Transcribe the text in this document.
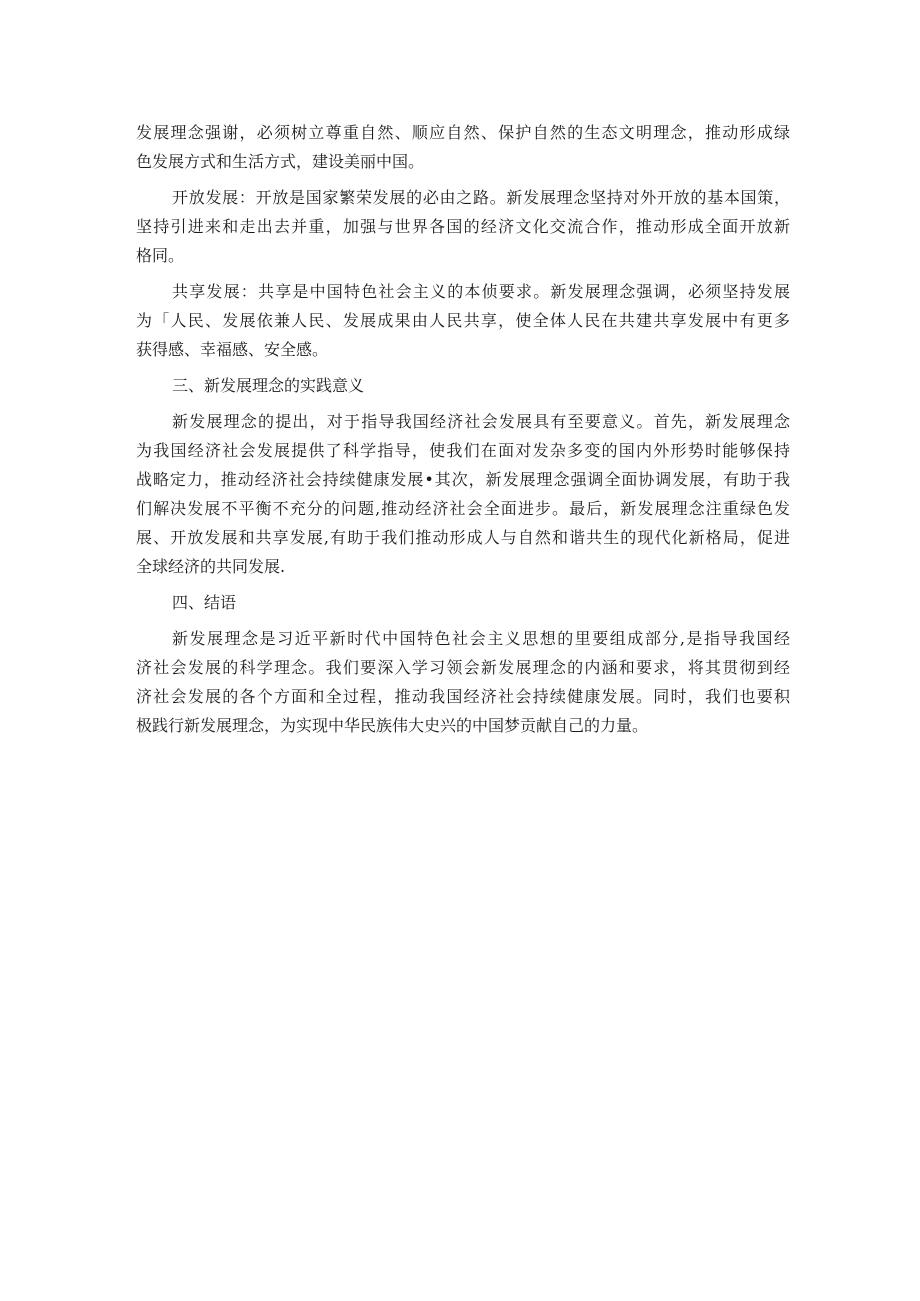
发展理念强谢，必须树立尊重自然、顺应自然、保护自然的生态文明理念，推动形成绿
色发展方式和生活方式，建设美丽中国。
开放发展：开放是国家繁荣发展的必由之路。新发展理念坚持对外开放的基本国策，
坚持引进来和走出去并重，加强与世界各国的经济文化交流合作，推动形成全面开放新
格同。
共享发展：共享是中国特色社会主义的本侦要求。新发展理念强调，必须坚持发展
为「人民、发展依兼人民、发展成果由人民共享，使全体人民在共建共享发展中有更多
获得感、幸福感、安全感。
三、新发展理念的实践意义
新发展理念的提出，对于指导我国经济社会发展具有至要意义。首先，新发展理念
为我国经济社会发展提供了科学指导，使我们在面对发杂多变的国内外形势时能够保持
战略定力，推动经济社会持续健康发展•其次，新发展理念强调全面协调发展，有助于我
们解决发展不平衡不充分的问题,推动经济社会全面进步。最后，新发展理念注重绿色发
展、开放发展和共享发展,有助于我们推动形成人与自然和谐共生的现代化新格局，促进
全球经济的共同发展.
四、结语
新发展理念是习近平新时代中国特色社会主义思想的里要组成部分,是指导我国经
济社会发展的科学理念。我们要深入学习领会新发展理念的内涵和要求，将其贯彻到经
济社会发展的各个方面和全过程，推动我国经济社会持续健康发展。同时，我们也要积
极践行新发展理念，为实现中华民族伟大史兴的中国梦贡献自己的力量。
